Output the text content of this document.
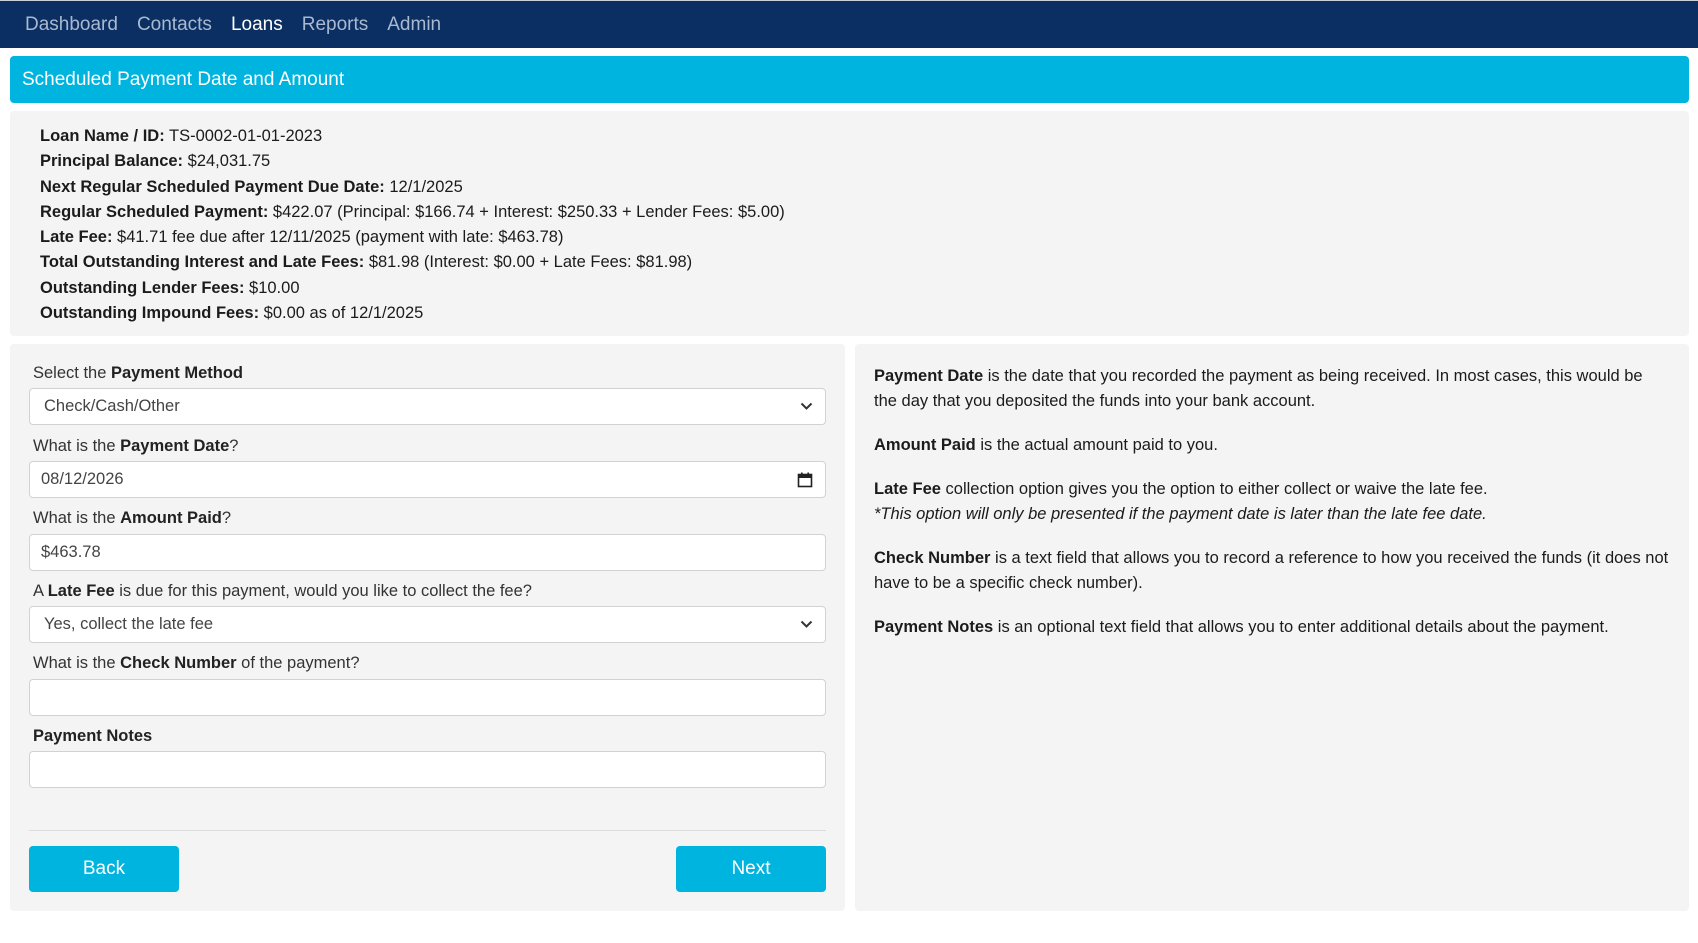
Dashboard Contacts Loans Reports Admin
Scheduled Payment Date and Amount
Loan Name / ID: TS-0002-01-01-2023
Principal Balance: $24,031.75
Next Regular Scheduled Payment Due Date: 12/1/2025
Regular Scheduled Payment: $422.07 (Principal: $166.74 + Interest: $250.33 + Lender Fees: $5.00)
Late Fee: $41.71 fee due after 12/11/2025 (payment with late: $463.78)
Total Outstanding Interest and Late Fees: $81.98 (Interest: $0.00 + Late Fees: $81.98)
Outstanding Lender Fees: $10.00
Outstanding Impound Fees: $0.00 as of 12/1/2025
Select the Payment Method
Check/Cash/Other
What is the Payment Date?
08/12/2026
What is the Amount Paid?
$463.78
A Late Fee is due for this payment, would you like to collect the fee?
Yes, collect the late fee
What is the Check Number of the payment?
Payment Notes
Back	Next

Payment Date is the date that you recorded the payment as being received. In most cases, this would be the day that you deposited the funds into your bank account.

Amount Paid is the actual amount paid to you.

Late Fee collection option gives you the option to either collect or waive the late fee.
*This option will only be presented if the payment date is later than the late fee date.

Check Number is a text field that allows you to record a reference to how you received the funds (it does not have to be a specific check number).

Payment Notes is an optional text field that allows you to enter additional details about the payment.
